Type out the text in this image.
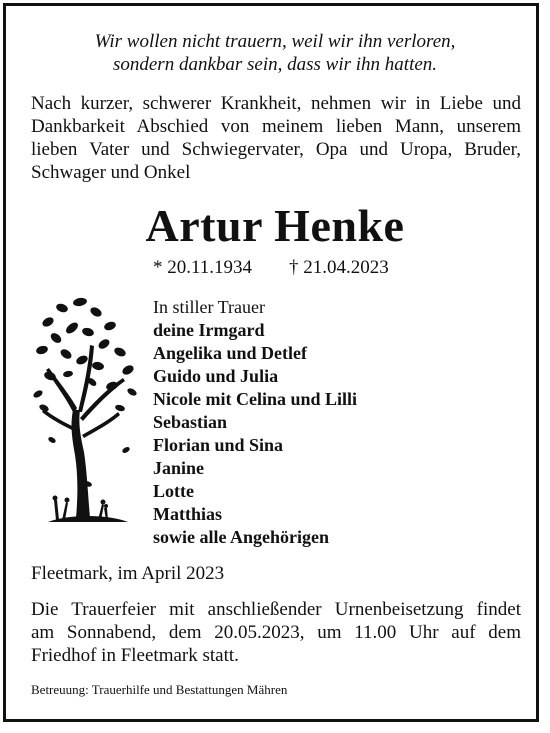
Wir wollen nicht trauern, weil wir ihn verloren,
sondern dankbar sein, dass wir ihn hatten.
Nach kurzer, schwerer Krankheit, nehmen wir in Liebe und
Dankbarkeit Abschied von meinem lieben Mann, unserem
lieben Vater und Schwiegervater, Opa und Uropa, Bruder,
Schwager und Onkel
Artur Henke
* 20.11.1934 † 21.04.2023
In stiller Trauer
deine Irmgard
Angelika und Detlef
Guido und Julia
Nicole mit Celina und Lilli
Sebastian
Florian und Sina
Janine
Lotte
Matthias
sowie alle Angehörigen
Fleetmark, im April 2023
Die Trauerfeier mit anschließender Urnenbeisetzung findet
am Sonnabend, dem 20.05.2023, um 11.00 Uhr auf dem
Friedhof in Fleetmark statt.
Betreuung: Trauerhilfe und Bestattungen Mähren
